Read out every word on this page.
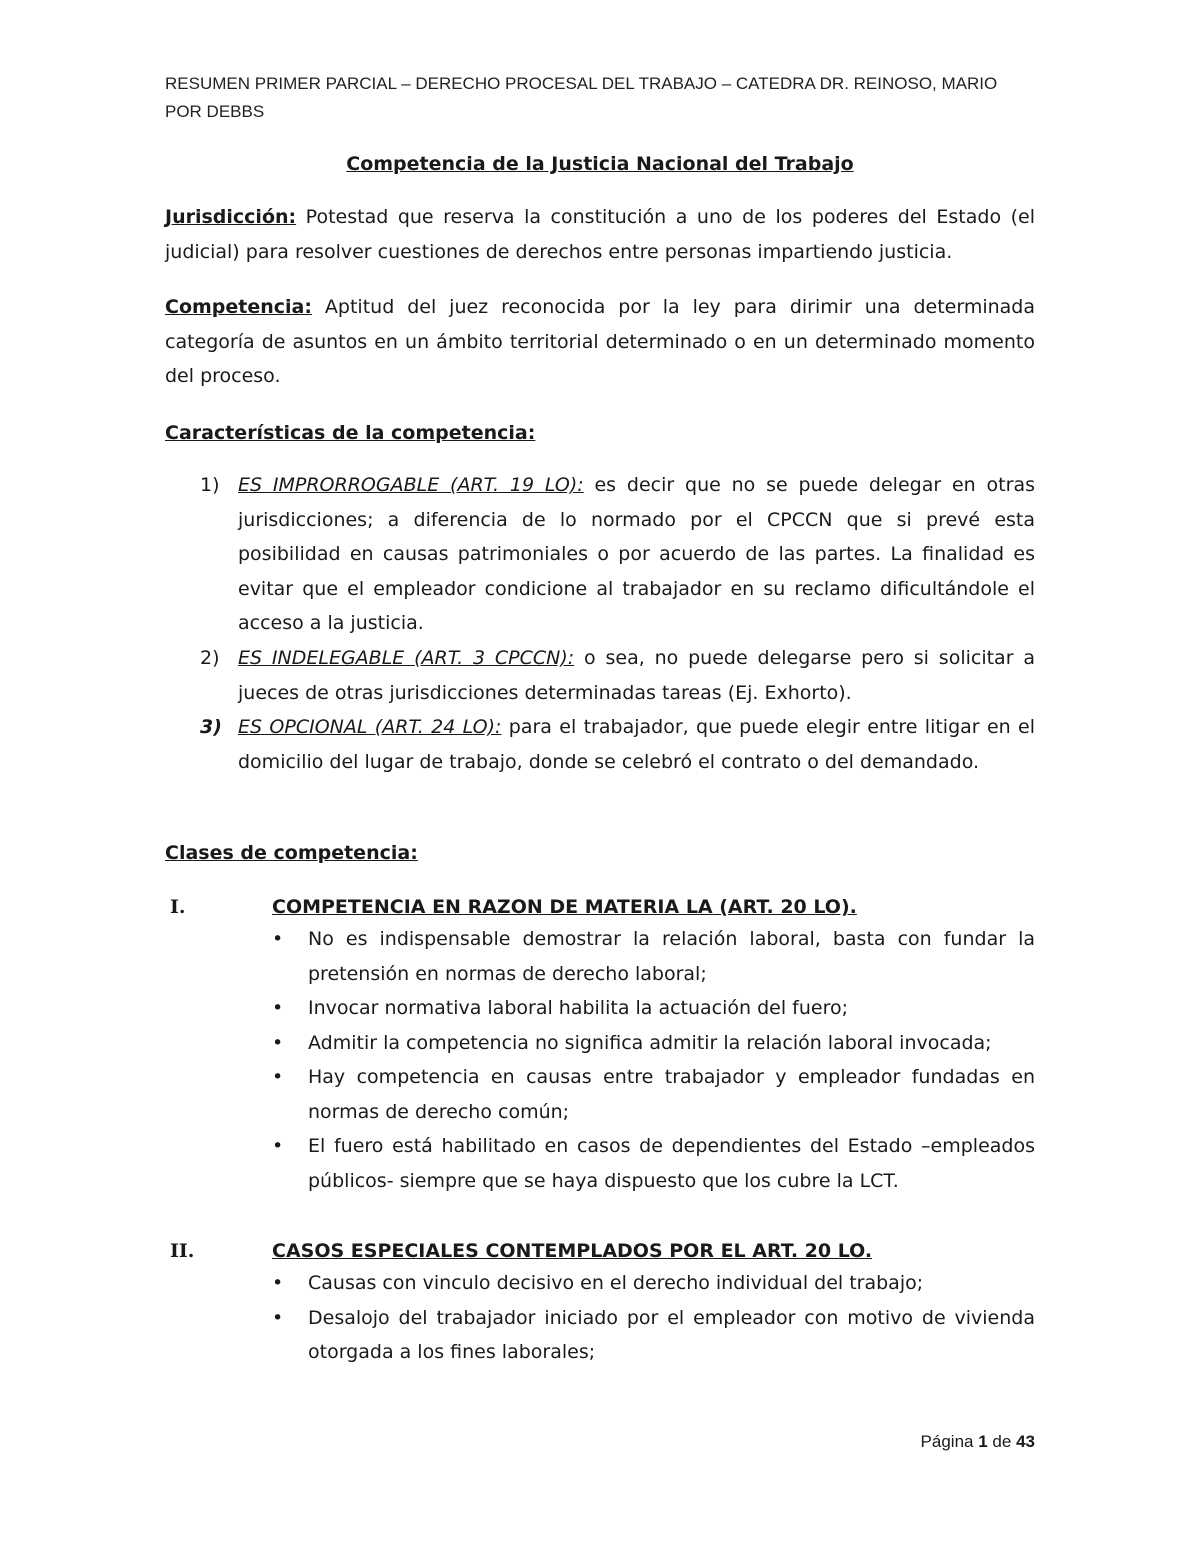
RESUMEN PRIMER PARCIAL – DERECHO PROCESAL DEL TRABAJO – CATEDRA DR. REINOSO, MARIO
POR DEBBS
Competencia de la Justicia Nacional del Trabajo
Jurisdicción: Potestad que reserva la constitución a uno de los poderes del Estado (el judicial) para resolver cuestiones de derechos entre personas impartiendo justicia.
Competencia: Aptitud del juez reconocida por la ley para dirimir una determinada categoría de asuntos en un ámbito territorial determinado o en un determinado momento del proceso.
Características de la competencia:
1) ES IMPRORROGABLE (ART. 19 LO): es decir que no se puede delegar en otras jurisdicciones; a diferencia de lo normado por el CPCCN que si prevé esta posibilidad en causas patrimoniales o por acuerdo de las partes. La finalidad es evitar que el empleador condicione al trabajador en su reclamo dificultándole el acceso a la justicia.
2) ES INDELEGABLE (ART. 3 CPCCN): o sea, no puede delegarse pero si solicitar a jueces de otras jurisdicciones determinadas tareas (Ej. Exhorto).
3) ES OPCIONAL (ART. 24 LO): para el trabajador, que puede elegir entre litigar en el domicilio del lugar de trabajo, donde se celebró el contrato o del demandado.
Clases de competencia:
I.	COMPETENCIA EN RAZON DE MATERIA LA (ART. 20 LO).
• No es indispensable demostrar la relación laboral, basta con fundar la pretensión en normas de derecho laboral;
• Invocar normativa laboral habilita la actuación del fuero;
• Admitir la competencia no significa admitir la relación laboral invocada;
• Hay competencia en causas entre trabajador y empleador fundadas en normas de derecho común;
• El fuero está habilitado en casos de dependientes del Estado –empleados públicos- siempre que se haya dispuesto que los cubre la LCT.
II.	CASOS ESPECIALES CONTEMPLADOS POR EL ART. 20 LO.
• Causas con vinculo decisivo en el derecho individual del trabajo;
• Desalojo del trabajador iniciado por el empleador con motivo de vivienda otorgada a los fines laborales;
Página 1 de 43
